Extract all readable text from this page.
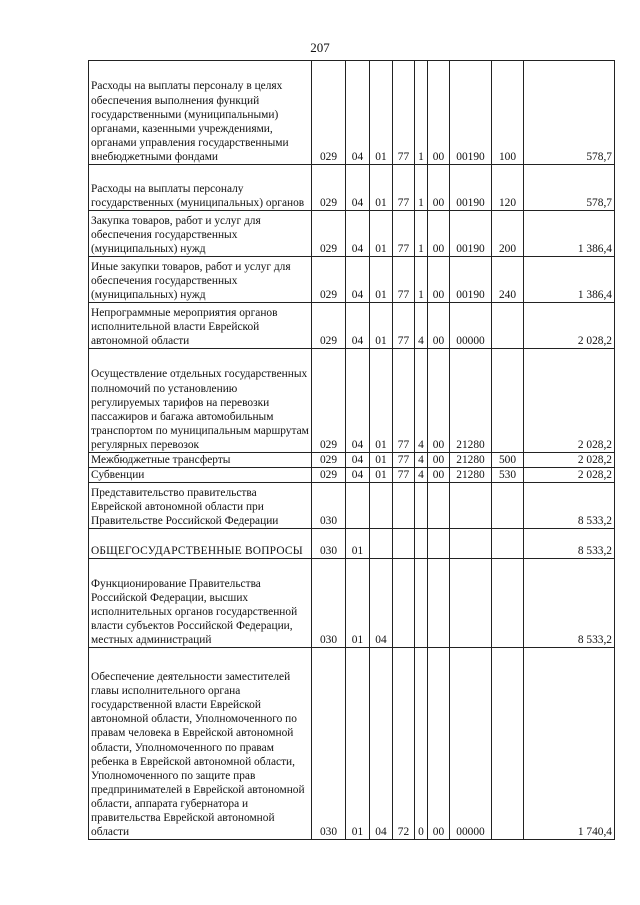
207
Расходы на выплаты персоналу в целях обеспечения выполнения функций государственными (муниципальными) органами, казенными учреждениями, органами управления государственными внебюджетными фондами	029	04	01	77	1	00	00190	100	578,7
Расходы на выплаты персоналу государственных (муниципальных) органов	029	04	01	77	1	00	00190	120	578,7
Закупка товаров, работ и услуг для обеспечения государственных (муниципальных) нужд	029	04	01	77	1	00	00190	200	1 386,4
Иные закупки товаров, работ и услуг для обеспечения государственных (муниципальных) нужд	029	04	01	77	1	00	00190	240	1 386,4
Непрограммные мероприятия органов исполнительной власти Еврейской автономной области	029	04	01	77	4	00	00000		2 028,2
Осуществление отдельных государственных полномочий по установлению регулируемых тарифов на перевозки пассажиров и багажа автомобильным транспортом по муниципальным маршрутам регулярных перевозок	029	04	01	77	4	00	21280		2 028,2
Межбюджетные трансферты	029	04	01	77	4	00	21280	500	2 028,2
Субвенции	029	04	01	77	4	00	21280	530	2 028,2
Представительство правительства Еврейской автономной области при Правительстве Российской Федерации	030								8 533,2
ОБЩЕГОСУДАРСТВЕННЫЕ ВОПРОСЫ	030	01							8 533,2
Функционирование Правительства Российской Федерации, высших исполнительных органов государственной власти субъектов Российской Федерации, местных администраций	030	01	04						8 533,2
Обеспечение деятельности заместителей главы исполнительного органа государственной власти Еврейской автономной области, Уполномоченного по правам человека в Еврейской автономной области, Уполномоченного по правам ребенка в Еврейской автономной области, Уполномоченного по защите прав предпринимателей в Еврейской автономной области, аппарата губернатора и правительства Еврейской автономной области	030	01	04	72	0	00	00000		1 740,4
